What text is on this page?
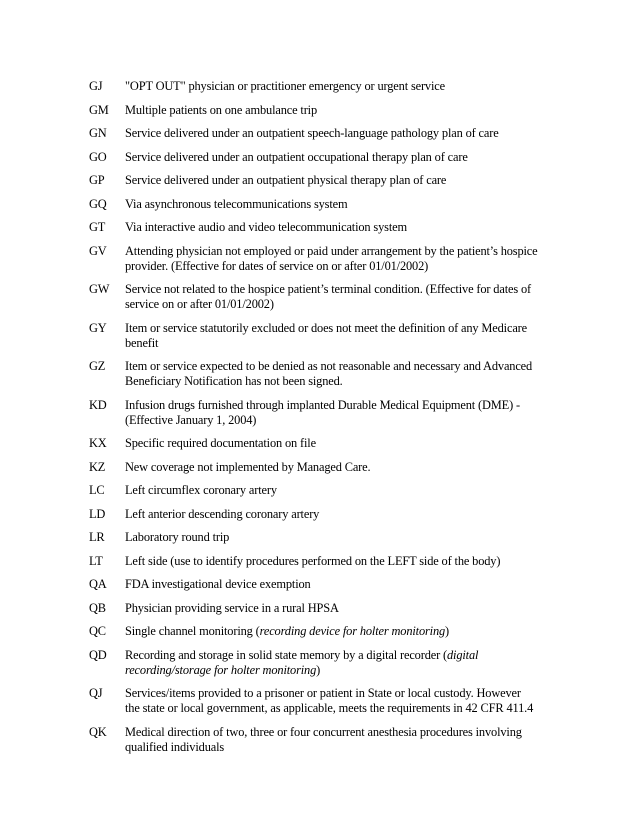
GJ	"OPT OUT" physician or practitioner emergency or urgent service
GM	Multiple patients on one ambulance trip
GN	Service delivered under an outpatient speech-language pathology plan of care
GO	Service delivered under an outpatient occupational therapy plan of care
GP	Service delivered under an outpatient physical therapy plan of care
GQ	Via asynchronous telecommunications system
GT	Via interactive audio and video telecommunication system
GV	Attending physician not employed or paid under arrangement by the patient’s hospice
provider. (Effective for dates of service on or after 01/01/2002)
GW	Service not related to the hospice patient’s terminal condition. (Effective for dates of
service on or after 01/01/2002)
GY	Item or service statutorily excluded or does not meet the definition of any Medicare
benefit
GZ	Item or service expected to be denied as not reasonable and necessary and Advanced
Beneficiary Notification has not been signed.
KD	Infusion drugs furnished through implanted Durable Medical Equipment (DME) -
(Effective January 1, 2004)
KX	Specific required documentation on file
KZ	New coverage not implemented by Managed Care.
LC	Left circumflex coronary artery
LD	Left anterior descending coronary artery
LR	Laboratory round trip
LT	Left side (use to identify procedures performed on the LEFT side of the body)
QA	FDA investigational device exemption
QB	Physician providing service in a rural HPSA
QC	Single channel monitoring (recording device for holter monitoring)
QD	Recording and storage in solid state memory by a digital recorder (digital
recording/storage for holter monitoring)
QJ	Services/items provided to a prisoner or patient in State or local custody. However
the state or local government, as applicable, meets the requirements in 42 CFR 411.4
QK	Medical direction of two, three or four concurrent anesthesia procedures involving
qualified individuals
